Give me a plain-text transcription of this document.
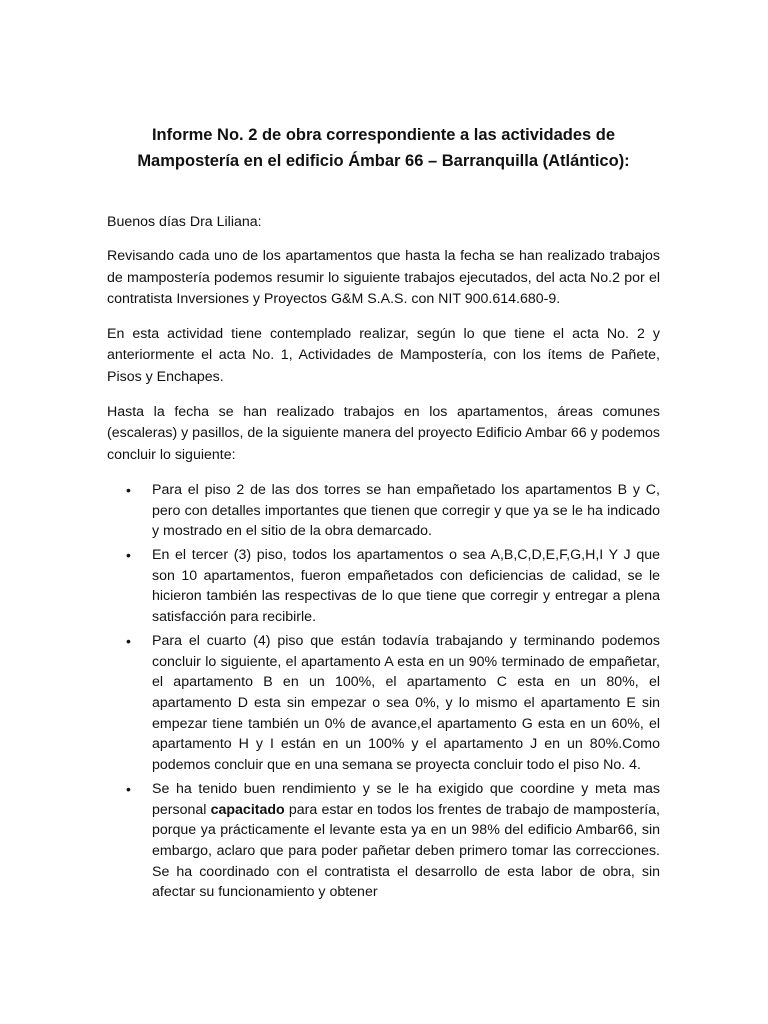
Informe No. 2 de obra correspondiente a las actividades de
Mampostería en el edificio Ámbar 66 – Barranquilla (Atlántico):

Buenos días Dra Liliana:

Revisando cada uno de los apartamentos que hasta la fecha se han realizado trabajos de mampostería podemos resumir lo siguiente trabajos ejecutados, del acta No.2 por el contratista Inversiones y Proyectos G&M S.A.S. con NIT 900.614.680-9.

En esta actividad tiene contemplado realizar, según lo que tiene el acta No. 2 y anteriormente el acta No. 1, Actividades de Mampostería, con los ítems de Pañete, Pisos y Enchapes.

Hasta la fecha se han realizado trabajos en los apartamentos, áreas comunes (escaleras) y pasillos, de la siguiente manera del proyecto Edificio Ambar 66 y podemos concluir lo siguiente:

• Para el piso 2 de las dos torres se han empañetado los apartamentos B y C, pero con detalles importantes que tienen que corregir y que ya se le ha indicado y mostrado en el sitio de la obra demarcado.
• En el tercer (3) piso, todos los apartamentos o sea A,B,C,D,E,F,G,H,I Y J que son 10 apartamentos, fueron empañetados con deficiencias de calidad, se le hicieron también las respectivas de lo que tiene que corregir y entregar a plena satisfacción para recibirle.
• Para el cuarto (4) piso que están todavía trabajando y terminando podemos concluir lo siguiente, el apartamento A esta en un 90% terminado de empañetar, el apartamento B en un 100%, el apartamento C esta en un 80%, el apartamento D esta sin empezar o sea 0%, y lo mismo el apartamento E sin empezar tiene también un 0% de avance,el apartamento G esta en un 60%, el apartamento H y I están en un 100% y el apartamento J en un 80%.Como podemos concluir que en una semana se proyecta concluir todo el piso No. 4.
• Se ha tenido buen rendimiento y se le ha exigido que coordine y meta mas personal capacitado para estar en todos los frentes de trabajo de mampostería, porque ya prácticamente el levante esta ya en un 98% del edificio Ambar66, sin embargo, aclaro que para poder pañetar deben primero tomar las correcciones. Se ha coordinado con el contratista el desarrollo de esta labor de obra, sin afectar su funcionamiento y obtener
